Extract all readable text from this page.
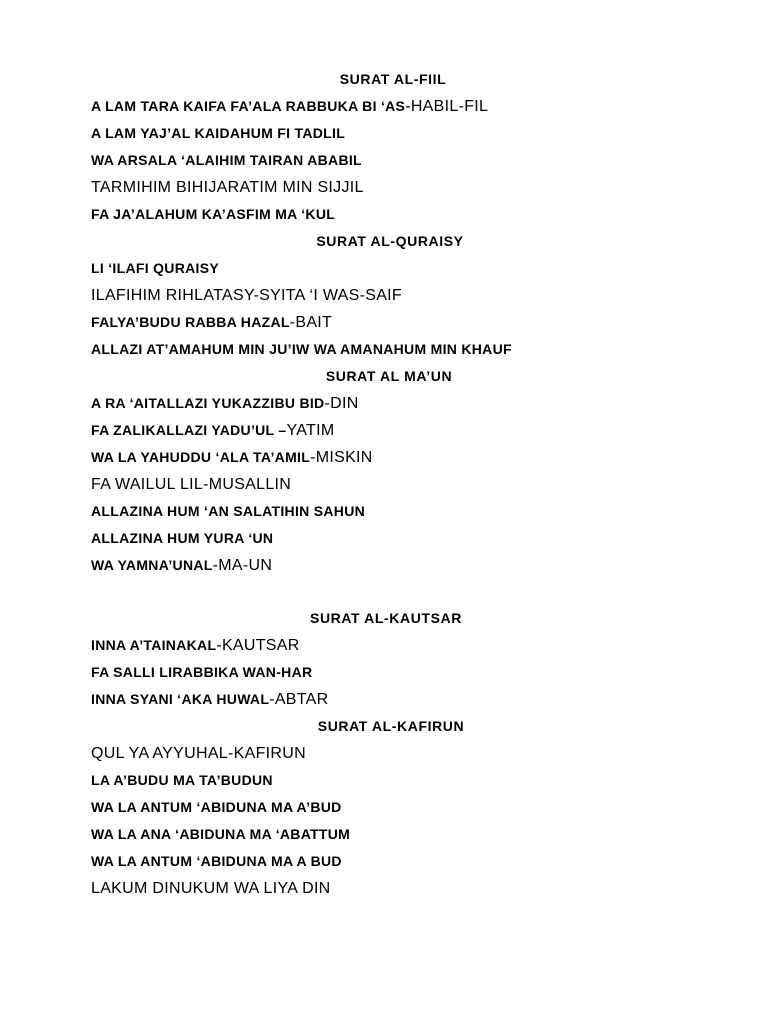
SURAT AL-FIIL
A LAM TARA KAIFA FA’ALA RABBUKA BI ‘AS-HABIL-FIL
A LAM YAJ’AL KAIDAHUM FI TADLIL
WA ARSALA ‘ALAIHIM TAIRAN ABABIL
TARMIHIM BIHIJARATIM MIN SIJJIL
FA JA’ALAHUM KA’ASFIM MA ‘KUL
SURAT AL-QURAISY
LI ‘ILAFI QURAISY
ILAFIHIM RIHLATASY-SYITA ‘I WAS-SAIF
FALYA’BUDU RABBA HAZAL-BAIT
ALLAZI AT’AMAHUM MIN JU’IW WA AMANAHUM MIN KHAUF
SURAT AL MA’UN
A RA ‘AITALLAZI YUKAZZIBU BID-DIN
FA ZALIKALLAZI YADU’UL –YATIM
WA LA YAHUDDU ‘ALA TA’AMIL-MISKIN
FA WAILUL LIL-MUSALLIN
ALLAZINA HUM ‘AN SALATIHIN SAHUN
ALLAZINA HUM YURA ‘UN
WA YAMNA’UNAL-MA-UN
SURAT AL-KAUTSAR
INNA A’TAINAKAL-KAUTSAR
FA SALLI LIRABBIKA WAN-HAR
INNA SYANI ‘AKA HUWAL-ABTAR
SURAT AL-KAFIRUN
QUL YA AYYUHAL-KAFIRUN
LA A’BUDU MA TA’BUDUN
WA LA ANTUM ‘ABIDUNA MA A’BUD
WA LA ANA ‘ABIDUNA MA ‘ABATTUM
WA LA ANTUM ‘ABIDUNA MA A BUD
LAKUM DINUKUM WA LIYA DIN
